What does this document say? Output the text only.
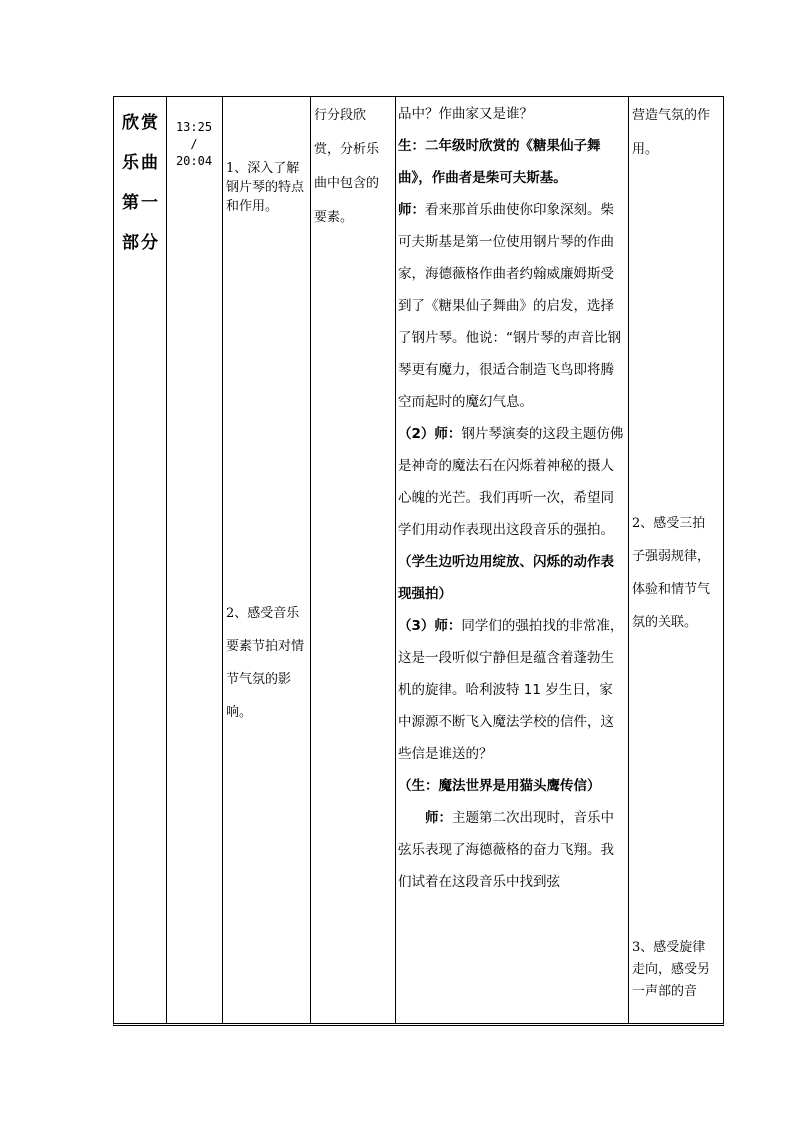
欣赏乐曲第一部分
13:25
/
20:04	1、深入了解钢片琴的特点和作用。
2、感受音乐要素节拍对情节气氛的影响。
行分段欣赏，分析乐曲中包含的要素。

品中？作曲家又是谁？

生：二年级时欣赏的《糖果仙子舞曲》，作曲者是柴可夫斯基。

师：看来那首乐曲使你印象深刻。柴可夫斯基是第一位使用钢片琴的作曲家，海德薇格作曲者约翰威廉姆斯受到了《糖果仙子舞曲》的启发，选择了钢片琴。他说：“钢片琴的声音比钢琴更有魔力，很适合制造飞鸟即将腾空而起时的魔幻气息。

（2）师：钢片琴演奏的这段主题仿佛是神奇的魔法石在闪烁着神秘的摄人心魄的光芒。我们再听一次，希望同学们用动作表现出这段音乐的强拍。

（学生边听边用绽放、闪烁的动作表现强拍）

（3）师：同学们的强拍找的非常准，这是一段听似宁静但是蕴含着蓬勃生机的旋律。哈利波特 11 岁生日，家中源源不断飞入魔法学校的信件，这些信是谁送的？

（生：魔法世界是用猫头鹰传信）

师：主题第二次出现时，音乐中弦乐表现了海德薇格的奋力飞翔。我们试着在这段音乐中找到弦

营造气氛的作用。
2、感受三拍子强弱规律，体验和情节气氛的关联。
3、感受旋律走向，感受另一声部的音
